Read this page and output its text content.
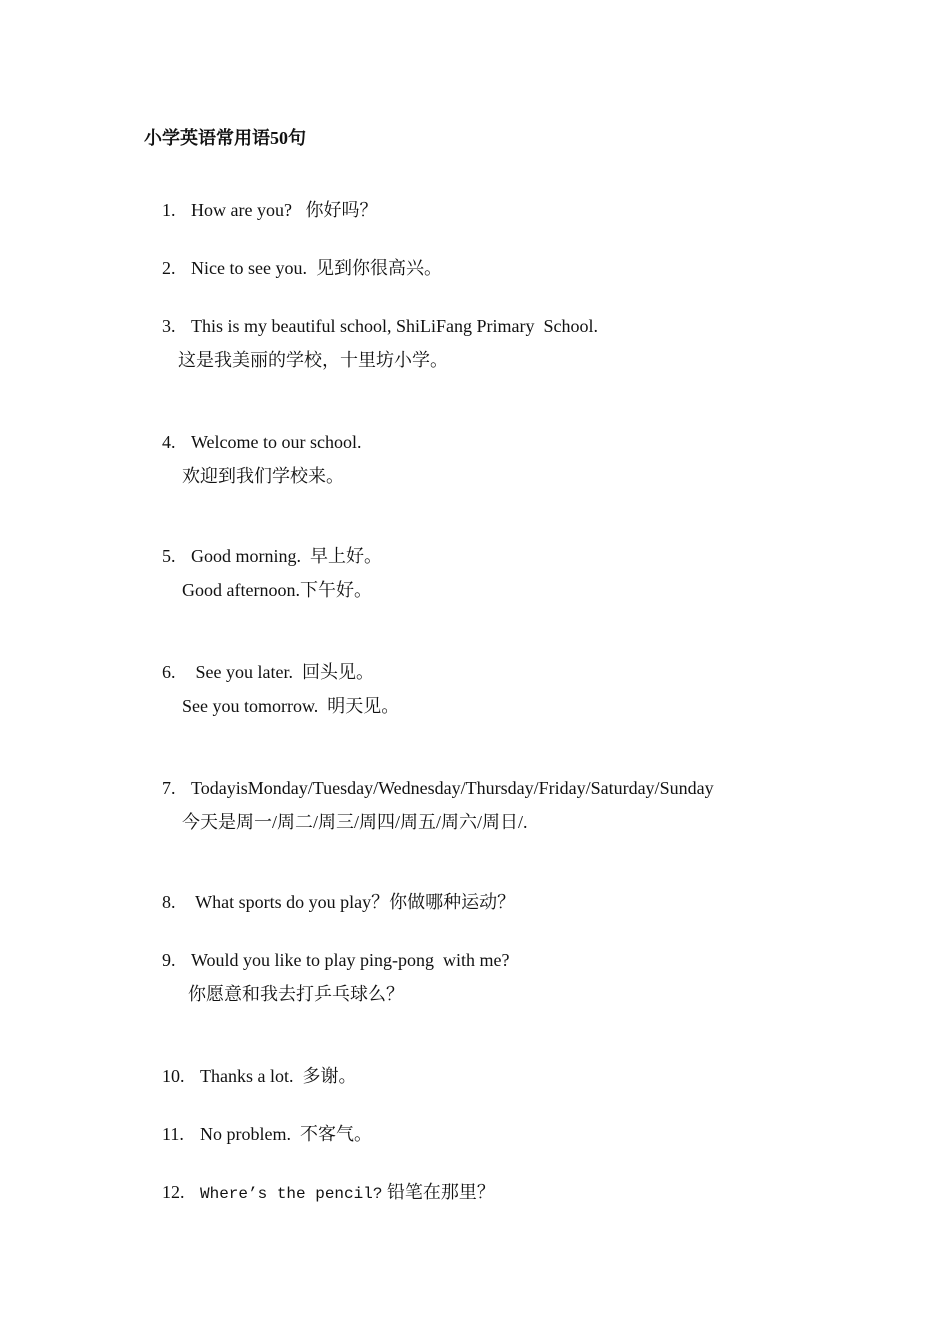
小学英语常用语50句

1. How are you?   你好吗？

2. Nice to see you.  见到你很高兴。

3. This is my beautiful school, ShiLiFang Primary  School.

这是我美丽的学校，十里坊小学。

4. Welcome to our school.

欢迎到我们学校来。

5. Good morning.  早上好。

Good afternoon.下午好。

6. See you later.  回头见。

See you tomorrow.  明天见。

7. TodayisMonday/Tuesday/Wednesday/Thursday/Friday/Saturday/Sunday

今天是周一/周二/周三/周四/周五/周六/周日/.

8. What sports do you play？你做哪种运动？

9. Would you like to play ping-pong  with me?

你愿意和我去打乒乓球么？

10. Thanks a lot.  多谢。

11. No problem.  不客气。

12. Where’s the pencil? 铅笔在那里？
